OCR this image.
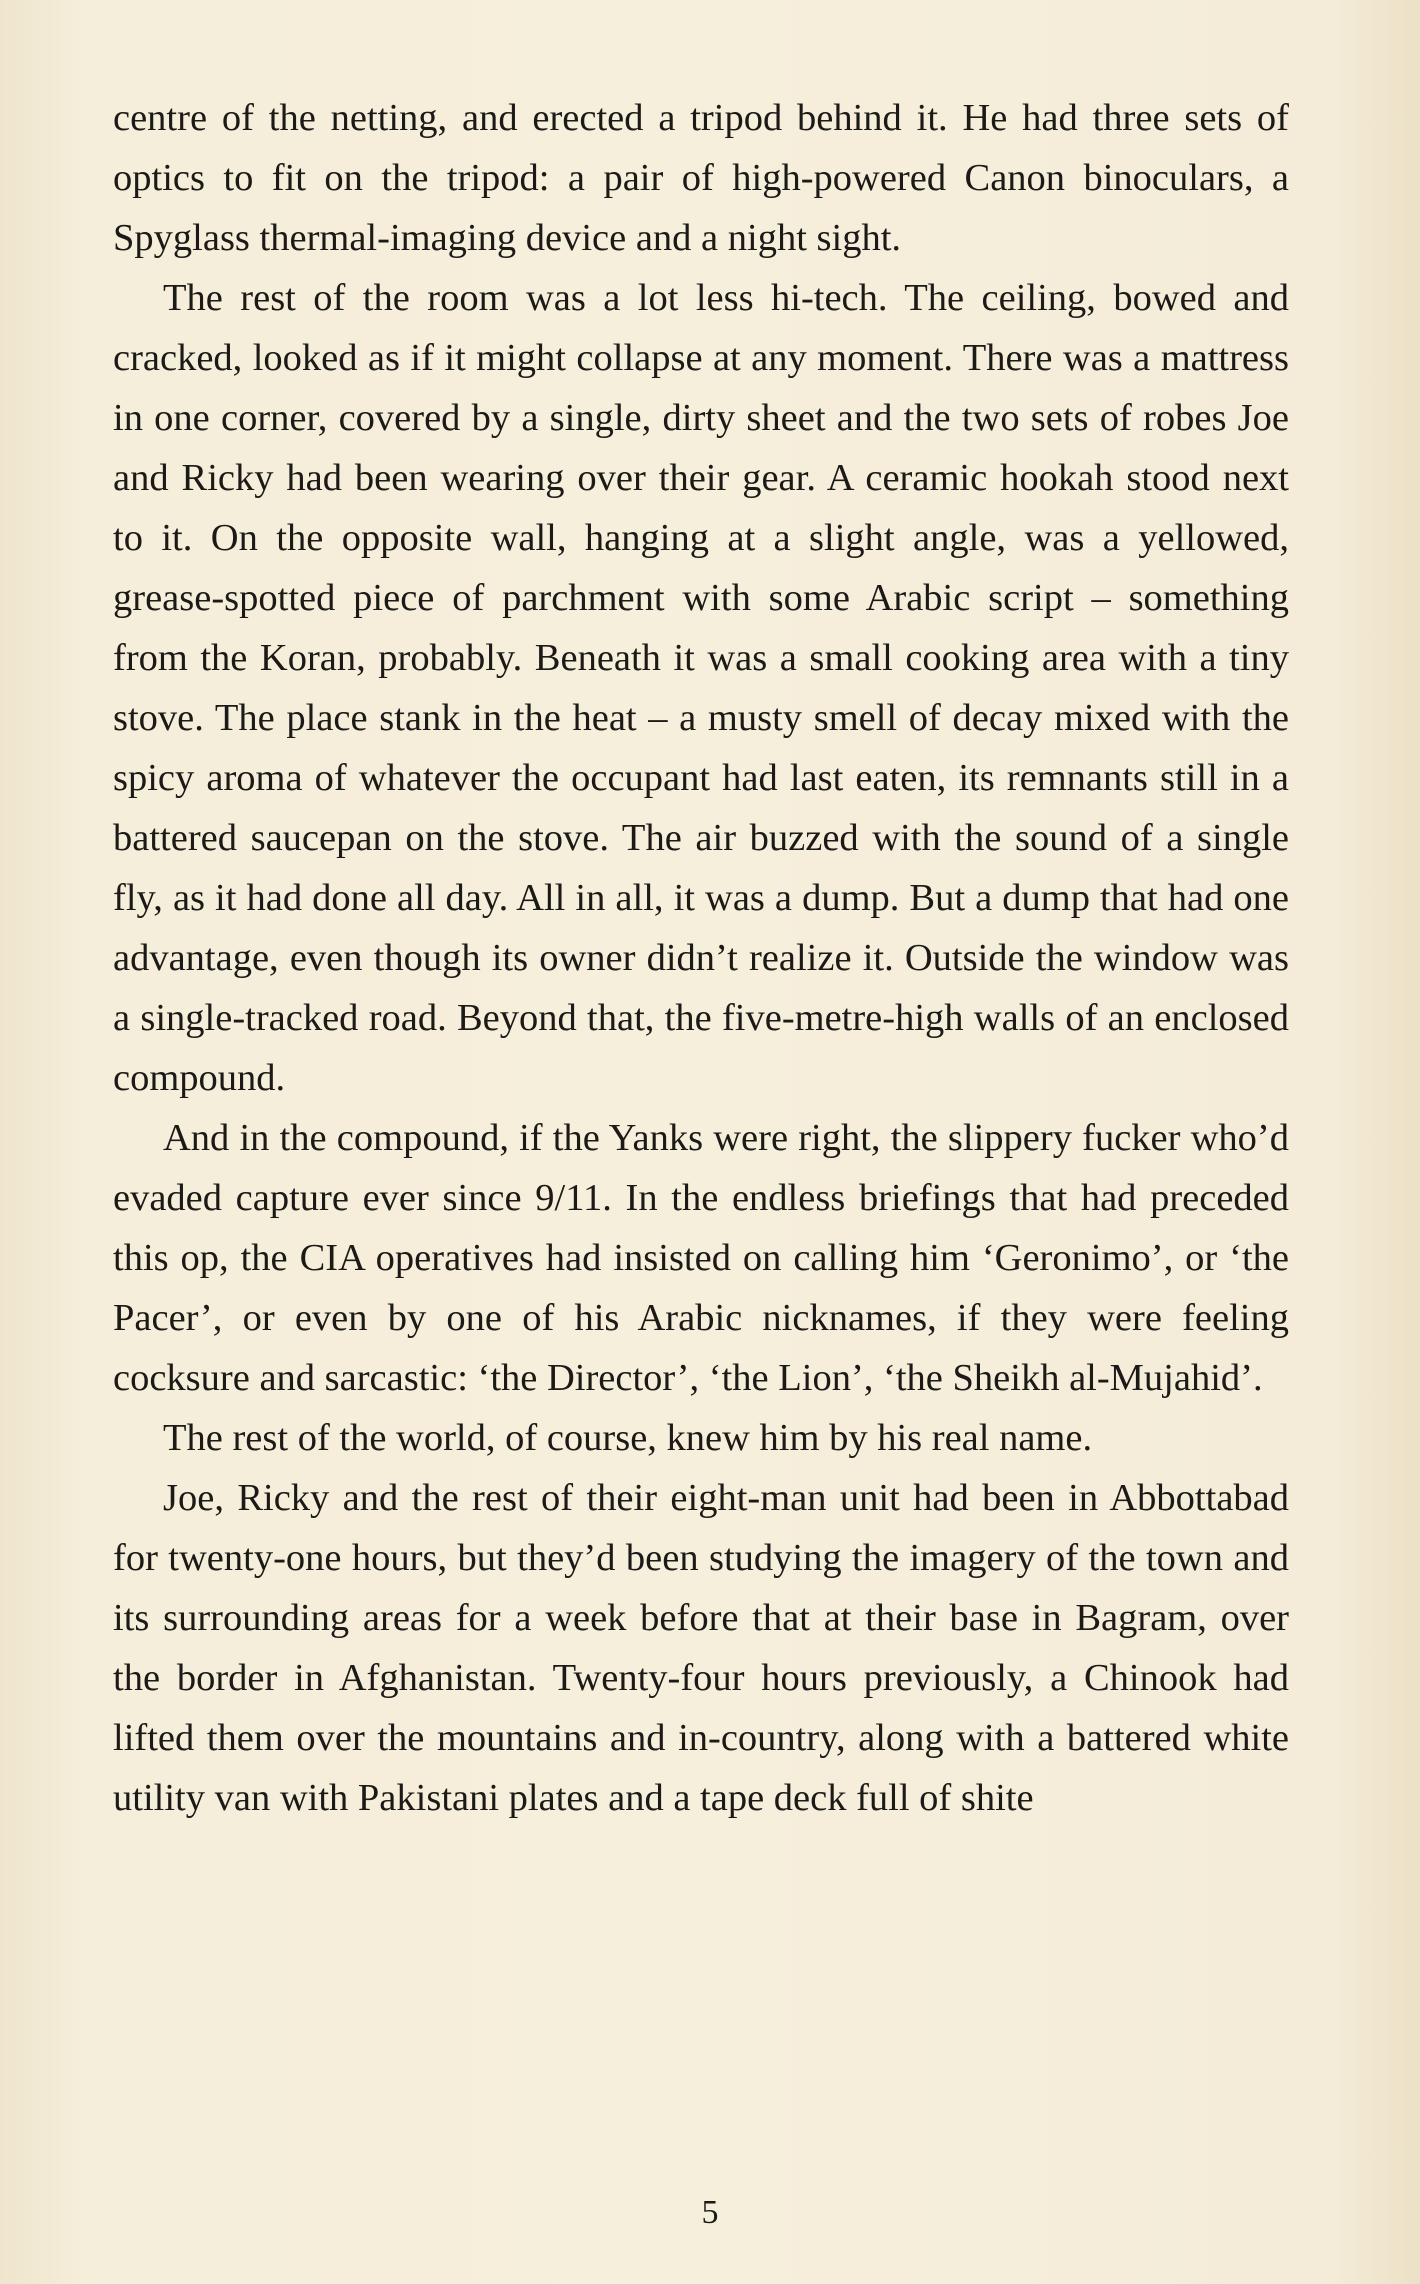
centre of the netting, and erected a tripod behind it. He had three sets of optics to fit on the tripod: a pair of high-powered Canon binoculars, a Spyglass thermal-imaging device and a night sight.

The rest of the room was a lot less hi-tech. The ceiling, bowed and cracked, looked as if it might collapse at any moment. There was a mattress in one corner, covered by a single, dirty sheet and the two sets of robes Joe and Ricky had been wearing over their gear. A ceramic hookah stood next to it. On the opposite wall, hanging at a slight angle, was a yellowed, grease-spotted piece of parchment with some Arabic script – something from the Koran, probably. Beneath it was a small cooking area with a tiny stove. The place stank in the heat – a musty smell of decay mixed with the spicy aroma of whatever the occupant had last eaten, its remnants still in a battered saucepan on the stove. The air buzzed with the sound of a single fly, as it had done all day. All in all, it was a dump. But a dump that had one advantage, even though its owner didn’t realize it. Outside the window was a single-tracked road. Beyond that, the five-metre-high walls of an enclosed compound.

And in the compound, if the Yanks were right, the slippery fucker who’d evaded capture ever since 9/11. In the endless briefings that had preceded this op, the CIA operatives had insisted on calling him ‘Geronimo’, or ‘the Pacer’, or even by one of his Arabic nicknames, if they were feeling cocksure and sarcastic: ‘the Director’, ‘the Lion’, ‘the Sheikh al-Mujahid’.

The rest of the world, of course, knew him by his real name.

Joe, Ricky and the rest of their eight-man unit had been in Abbottabad for twenty-one hours, but they’d been studying the imagery of the town and its surrounding areas for a week before that at their base in Bagram, over the border in Afghanistan. Twenty-four hours previously, a Chinook had lifted them over the mountains and in-country, along with a battered white utility van with Pakistani plates and a tape deck full of shite

5
